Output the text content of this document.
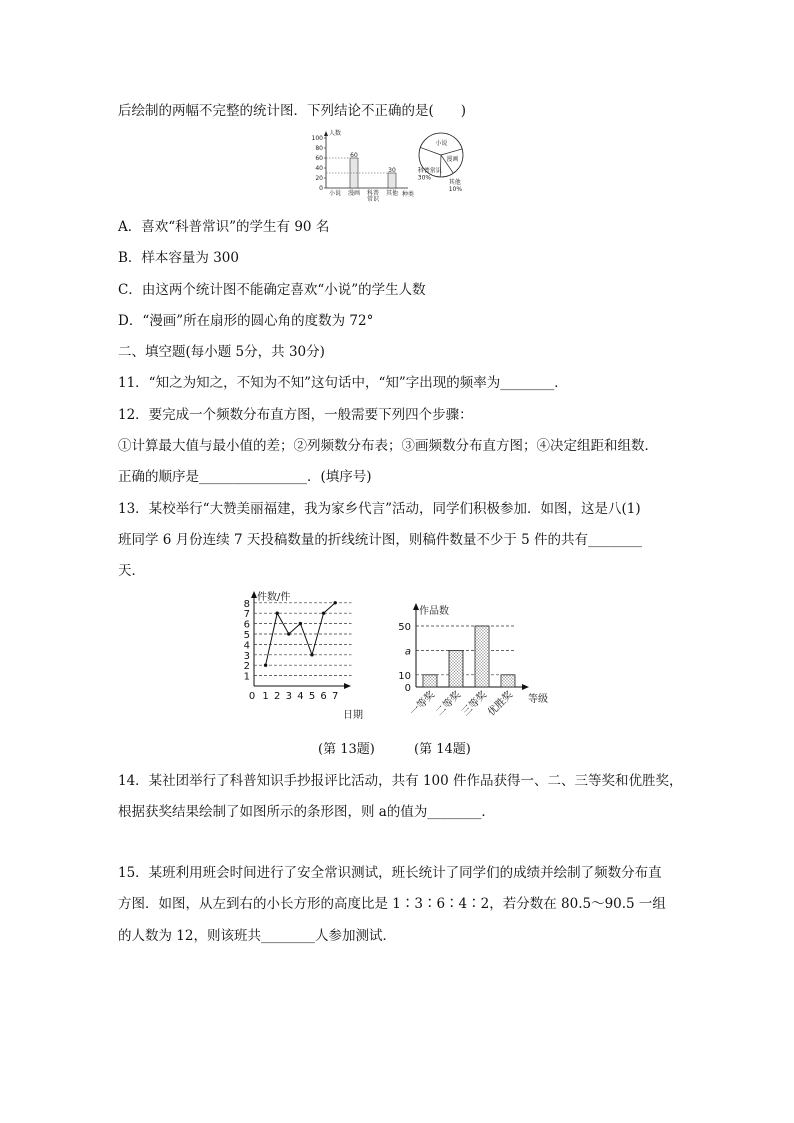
后绘制的两幅不完整的统计图．下列结论不正确的是(　　)
人数
种类
0
20
40
60
80
100
60
30
小说 漫画 科普
常识
其他
小说
漫画
其他
10%
科普常识
30%
A．喜欢“科普常识”的学生有 90 名
B．样本容量为 300
C．由这两个统计图不能确定喜欢“小说”的学生人数
D．“漫画”所在扇形的圆心角的度数为 72°
二、填空题(每小题 5分，共 30分)
11．“知之为知之，不知为不知”这句话中，“知”字出现的频率为________．
12．要完成一个频数分布直方图，一般需要下列四个步骤：
①计算最大值与最小值的差；②列频数分布表；③画频数分布直方图；④决定组距和组数．
正确的顺序是________________．(填序号)
13．某校举行“大赞美丽福建，我为家乡代言”活动，同学们积极参加．如图，这是八(1)
班同学 6 月份连续 7 天投稿数量的折线统计图，则稿件数量不少于 5 件的共有________
天．
件数/件
日期
1
2
3
4
5
6
7
8
0 1 2 3 4 5 6 7
作品数
等级
0
10
a
50
一等奖
二等奖
三等奖
优胜奖
(第 13题)	(第 14题)
14．某社团举行了科普知识手抄报评比活动，共有 100 件作品获得一、二、三等奖和优胜奖，
根据获奖结果绘制了如图所示的条形图，则 a的值为________．
15．某班利用班会时间进行了安全常识测试，班长统计了同学们的成绩并绘制了频数分布直
方图．如图，从左到右的小长方形的高度比是 1∶3∶6∶4∶2，若分数在 80.5～90.5 一组
的人数为 12，则该班共________人参加测试．
